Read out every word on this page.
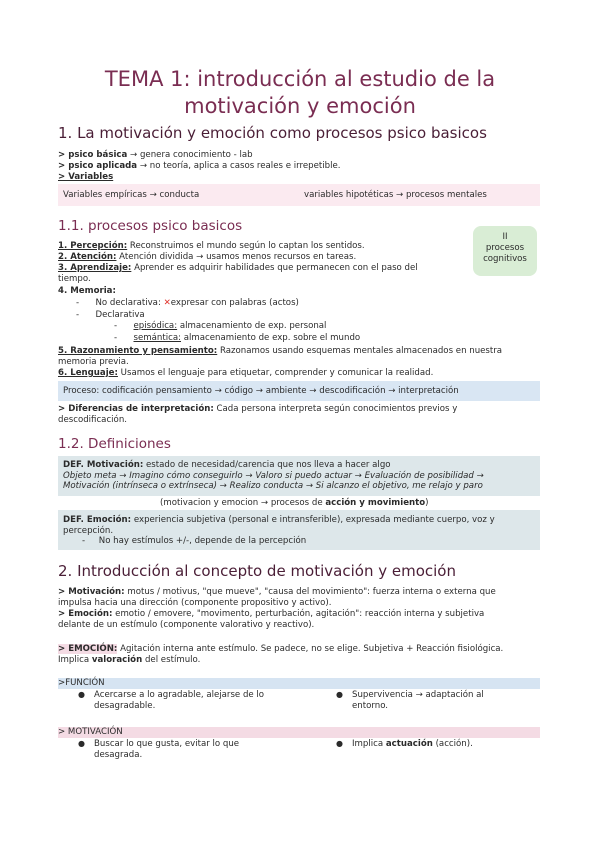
TEMA 1: introducción al estudio de la
motivación y emoción
1. La motivación y emoción como procesos psico basicos
> psico básica → genera conocimiento - lab
> psico aplicada → no teoría, aplica a casos reales e irrepetible.
> Variables
Variables empíricas → conducta	variables hipotéticas → procesos mentales
1.1. procesos psico basicos
II
procesos
cognitivos
1. Percepción: Reconstruimos el mundo según lo captan los sentidos.
2. Atención: Atención dividida → usamos menos recursos en tareas.
3. Aprendizaje: Aprender es adquirir habilidades que permanecen con el paso del
tiempo.
4. Memoria:
-      No declarativa: ✕expresar con palabras (actos)
-      Declarativa
-      episódica: almacenamiento de exp. personal
-      semántica: almacenamiento de exp. sobre el mundo
5. Razonamiento y pensamiento: Razonamos usando esquemas mentales almacenados en nuestra
memoria previa.
6. Lenguaje: Usamos el lenguaje para etiquetar, comprender y comunicar la realidad.
Proceso: codificación pensamiento → código → ambiente → descodificación → interpretación
> Diferencias de interpretación: Cada persona interpreta según conocimientos previos y
descodificación.
1.2. Definiciones
DEF. Motivación: estado de necesidad/carencia que nos lleva a hacer algo
Objeto meta → Imagino cómo conseguirlo → Valoro si puedo actuar → Evaluación de posibilidad →
Motivación (intrínseca o extrínseca) → Realizo conducta → Si alcanzo el objetivo, me relajo y paro
(motivacion y emocion → procesos de acción y movimiento)
DEF. Emoción: experiencia subjetiva (personal e intransferible), expresada mediante cuerpo, voz y
percepción.
-     No hay estímulos +/-, depende de la percepción
2. Introducción al concepto de motivación y emoción
> Motivación: motus / motivus, "que mueve", "causa del movimiento": fuerza interna o externa que
impulsa hacia una dirección (componente propositivo y activo).
> Emoción: emotio / emovere, "movimento, perturbación, agitación": reacción interna y subjetiva
delante de un estímulo (componente valorativo y reactivo).
> EMOCIÓN: Agitación interna ante estímulo. Se padece, no se elige. Subjetiva + Reacción fisiológica.
Implica valoración del estímulo.
>FUNCIÓN
● Acercarse a lo agradable, alejarse de lo
desagradable.
● Supervivencia → adaptación al
entorno.
> MOTIVACIÓN
● Buscar lo que gusta, evitar lo que
desagrada.
● Implica actuación (acción).
